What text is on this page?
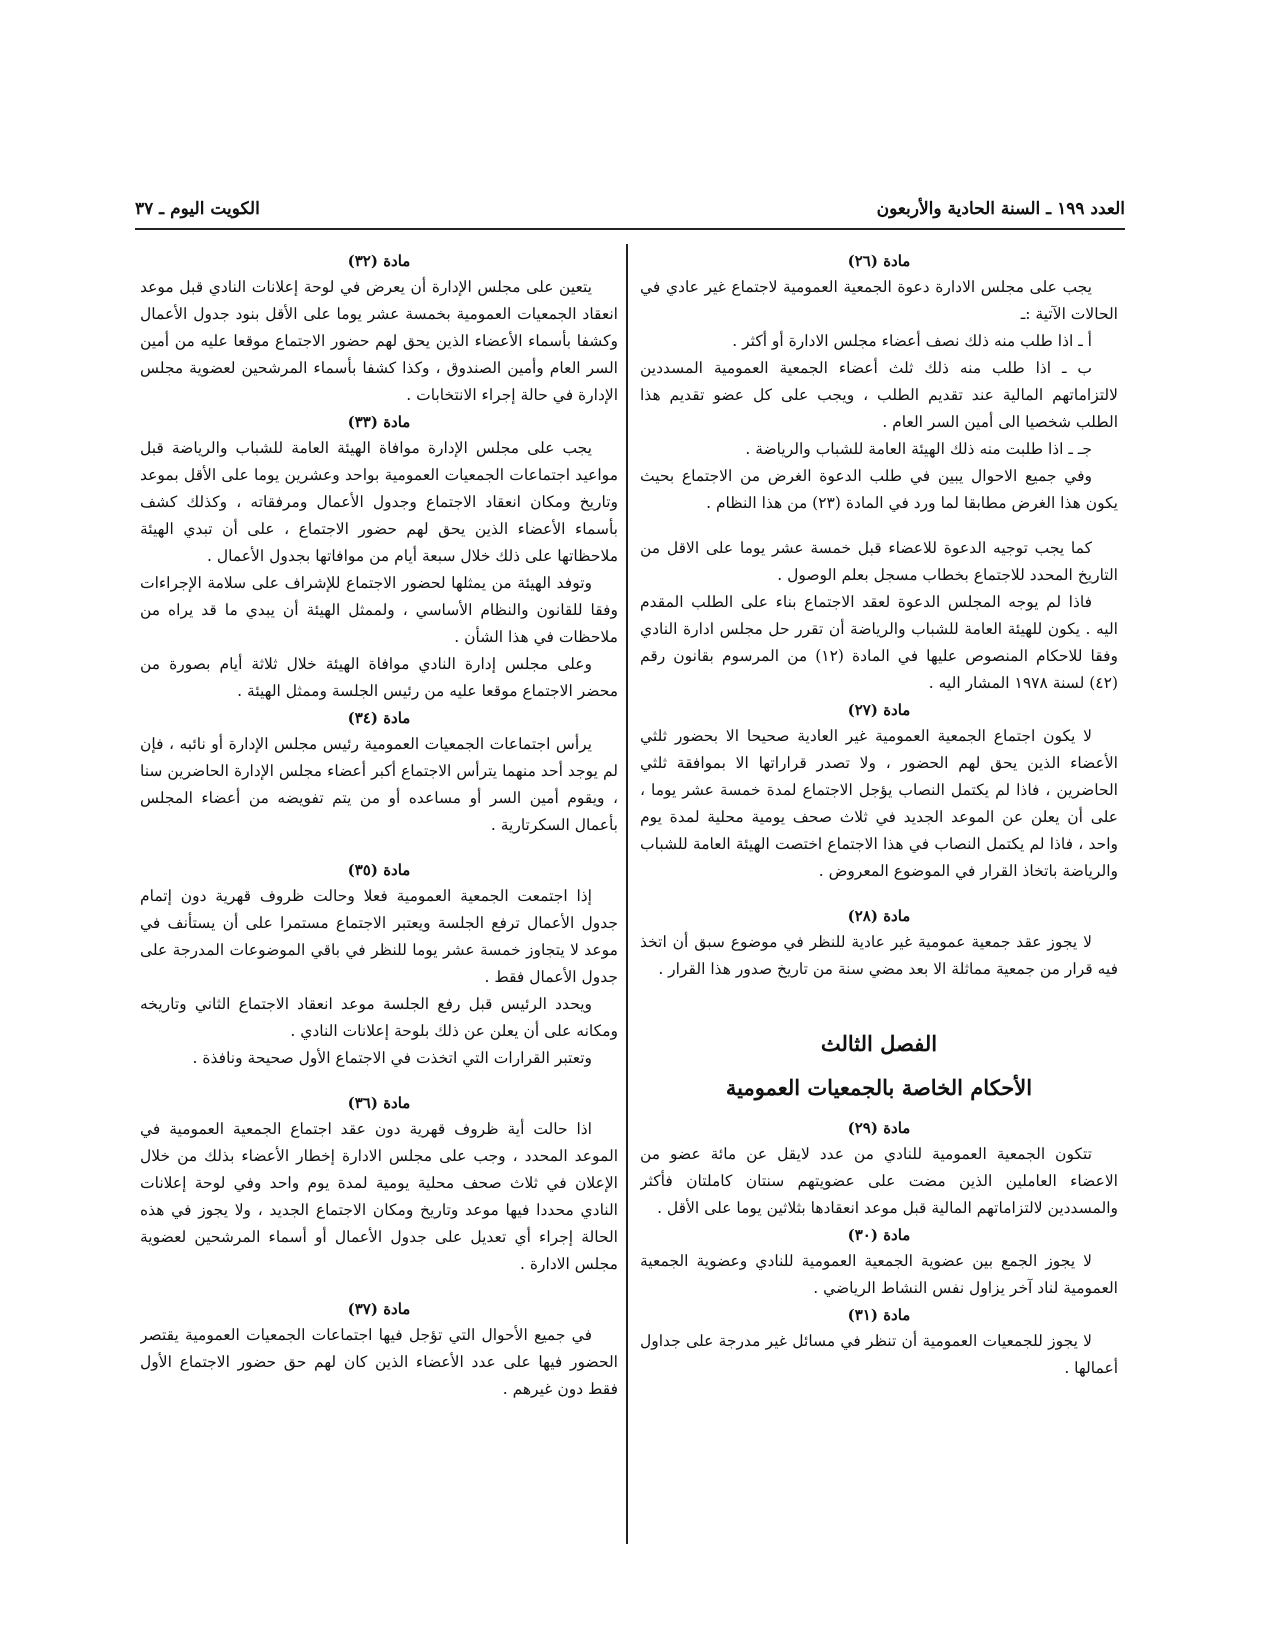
العدد ١٩٩ ـ السنة الحادية والأربعون
الكويت اليوم ـ ٣٧
مادة (٢٦)

يجب على مجلس الادارة دعوة الجمعية العمومية لاجتماع غير عادي في الحالات الآتية :ـ

أ ـ اذا طلب منه ذلك نصف أعضاء مجلس الادارة أو أكثر .

ب ـ اذا طلب منه ذلك ثلث أعضاء الجمعية العمومية المسددين لالتزاماتهم المالية عند تقديم الطلب ، ويجب على كل عضو تقديم هذا الطلب شخصيا الى أمين السر العام .

جـ ـ اذا طلبت منه ذلك الهيئة العامة للشباب والرياضة .

وفي جميع الاحوال يبين في طلب الدعوة الغرض من الاجتماع بحيث يكون هذا الغرض مطابقا لما ورد في المادة (٢٣) من هذا النظام .

كما يجب توجيه الدعوة للاعضاء قبل خمسة عشر يوما على الاقل من التاريخ المحدد للاجتماع بخطاب مسجل بعلم الوصول .

فاذا لم يوجه المجلس الدعوة لعقد الاجتماع بناء على الطلب المقدم اليه . يكون للهيئة العامة للشباب والرياضة أن تقرر حل مجلس ادارة النادي وفقا للاحكام المنصوص عليها في المادة (١٢) من المرسوم بقانون رقم (٤٢) لسنة ١٩٧٨ المشار اليه .

مادة (٢٧)

لا يكون اجتماع الجمعية العمومية غير العادية صحيحا الا بحضور ثلثي الأعضاء الذين يحق لهم الحضور ، ولا تصدر قراراتها الا بموافقة ثلثي الحاضرين ، فاذا لم يكتمل النصاب يؤجل الاجتماع لمدة خمسة عشر يوما ، على أن يعلن عن الموعد الجديد في ثلاث صحف يومية محلية لمدة يوم واحد ، فاذا لم يكتمل النصاب في هذا الاجتماع اختصت الهيئة العامة للشباب والرياضة باتخاذ القرار في الموضوع المعروض .

مادة (٢٨)

لا يجوز عقد جمعية عمومية غير عادية للنظر في موضوع سبق أن اتخذ فيه قرار من جمعية مماثلة الا بعد مضي سنة من تاريخ صدور هذا القرار .

الفصل الثالث
الأحكام الخاصة بالجمعيات العمومية
مادة (٢٩)

تتكون الجمعية العمومية للنادي من عدد لايقل عن مائة عضو من الاعضاء العاملين الذين مضت على عضويتهم سنتان كاملتان فأكثر والمسددين لالتزاماتهم المالية قبل موعد انعقادها بثلاثين يوما على الأقل .

مادة (٣٠)

لا يجوز الجمع بين عضوية الجمعية العمومية للنادي وعضوية الجمعية العمومية لناد آخر يزاول نفس النشاط الرياضي .

مادة (٣١)

لا يجوز للجمعيات العمومية أن تنظر في مسائل غير مدرجة على جداول أعمالها .

مادة (٣٢)

يتعين على مجلس الإدارة أن يعرض في لوحة إعلانات النادي قبل موعد انعقاد الجمعيات العمومية بخمسة عشر يوما على الأقل بنود جدول الأعمال وكشفا بأسماء الأعضاء الذين يحق لهم حضور الاجتماع موقعا عليه من أمين السر العام وأمين الصندوق ، وكذا كشفا بأسماء المرشحين لعضوية مجلس الإدارة في حالة إجراء الانتخابات .

مادة (٣٣)

يجب على مجلس الإدارة موافاة الهيئة العامة للشباب والرياضة قبل مواعيد اجتماعات الجمعيات العمومية بواحد وعشرين يوما على الأقل بموعد وتاريخ ومكان انعقاد الاجتماع وجدول الأعمال ومرفقاته ، وكذلك كشف بأسماء الأعضاء الذين يحق لهم حضور الاجتماع ، على أن تبدي الهيئة ملاحظاتها على ذلك خلال سبعة أيام من موافاتها بجدول الأعمال .

وتوفد الهيئة من يمثلها لحضور الاجتماع للإشراف على سلامة الإجراءات وفقا للقانون والنظام الأساسي ، ولممثل الهيئة أن يبدي ما قد يراه من ملاحظات في هذا الشأن .

وعلى مجلس إدارة النادي موافاة الهيئة خلال ثلاثة أيام بصورة من محضر الاجتماع موقعا عليه من رئيس الجلسة وممثل الهيئة .

مادة (٣٤)

يرأس اجتماعات الجمعيات العمومية رئيس مجلس الإدارة أو نائبه ، فإن لم يوجد أحد منهما يترأس الاجتماع أكبر أعضاء مجلس الإدارة الحاضرين سنا ، ويقوم أمين السر أو مساعده أو من يتم تفويضه من أعضاء المجلس بأعمال السكرتارية .

مادة (٣٥)

إذا اجتمعت الجمعية العمومية فعلا وحالت ظروف قهرية دون إتمام جدول الأعمال ترفع الجلسة ويعتبر الاجتماع مستمرا على أن يستأنف في موعد لا يتجاوز خمسة عشر يوما للنظر في باقي الموضوعات المدرجة على جدول الأعمال فقط .

ويحدد الرئيس قبل رفع الجلسة موعد انعقاد الاجتماع الثاني وتاريخه ومكانه على أن يعلن عن ذلك بلوحة إعلانات النادي .

وتعتبر القرارات التي اتخذت في الاجتماع الأول صحيحة ونافذة .

مادة (٣٦)

اذا حالت أية ظروف قهرية دون عقد اجتماع الجمعية العمومية في الموعد المحدد ، وجب على مجلس الادارة إخطار الأعضاء بذلك من خلال الإعلان في ثلاث صحف محلية يومية لمدة يوم واحد وفي لوحة إعلانات النادي محددا فيها موعد وتاريخ ومكان الاجتماع الجديد ، ولا يجوز في هذه الحالة إجراء أي تعديل على جدول الأعمال أو أسماء المرشحين لعضوية مجلس الادارة .

مادة (٣٧)

في جميع الأحوال التي تؤجل فيها اجتماعات الجمعيات العمومية يقتصر الحضور فيها على عدد الأعضاء الذين كان لهم حق حضور الاجتماع الأول فقط دون غيرهم .
